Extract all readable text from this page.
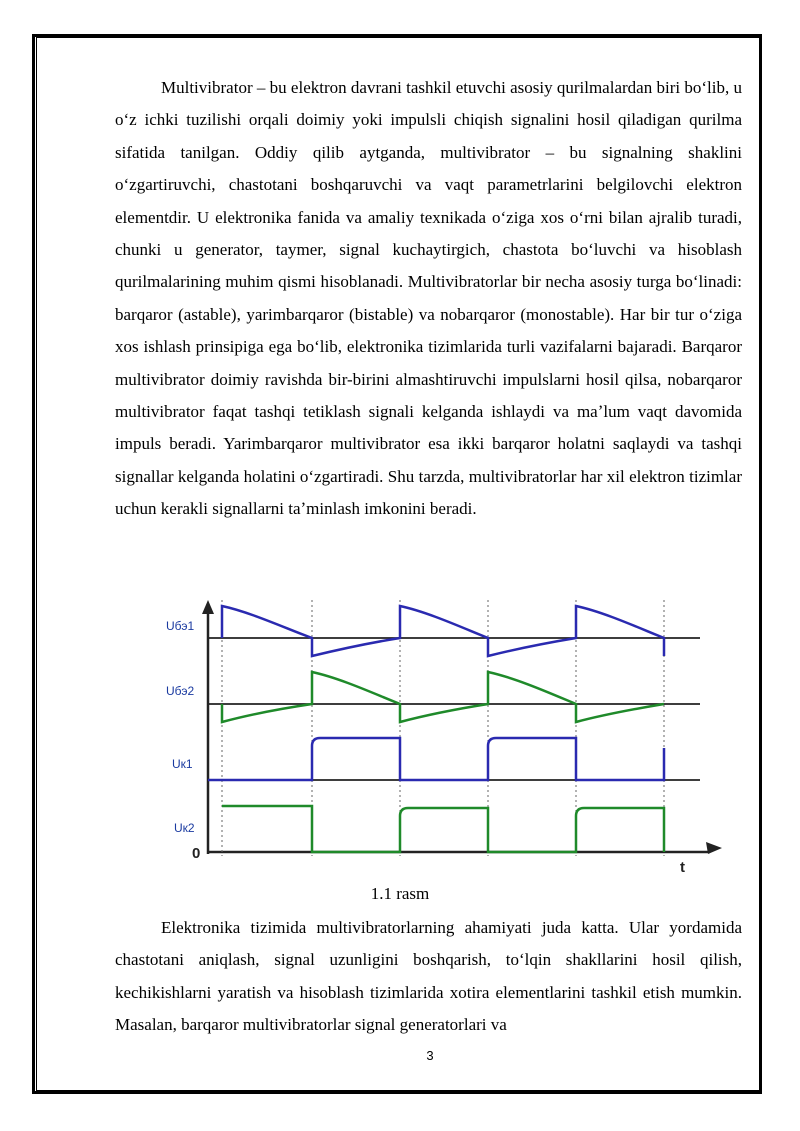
Multivibrator – bu elektron davrani tashkil etuvchi asosiy qurilmalardan biri boʻlib, u oʻz ichki tuzilishi orqali doimiy yoki impulsli chiqish signalini hosil qiladigan qurilma sifatida tanilgan. Oddiy qilib aytganda, multivibrator – bu signalning shaklini oʻzgartiruvchi, chastotani boshqaruvchi va vaqt parametrlarini belgilovchi elektron elementdir. U elektronika fanida va amaliy texnikada oʻziga xos oʻrni bilan ajralib turadi, chunki u generator, taymer, signal kuchaytirgich, chastota boʻluvchi va hisoblash qurilmalarining muhim qismi hisoblanadi. Multivibratorlar bir necha asosiy turga boʻlinadi: barqaror (astable), yarimbarqaror (bistable) va nobarqaror (monostable). Har bir tur oʻziga xos ishlash prinsipiga ega boʻlib, elektronika tizimlarida turli vazifalarni bajaradi. Barqaror multivibrator doimiy ravishda bir-birini almashtiruvchi impulslarni hosil qilsa, nobarqaror multivibrator faqat tashqi tetiklash signali kelganda ishlaydi va maʼlum vaqt davomida impuls beradi. Yarimbarqaror multivibrator esa ikki barqaror holatni saqlaydi va tashqi signallar kelganda holatini oʻzgartiradi. Shu tarzda, multivibratorlar har xil elektron tizimlar uchun kerakli signallarni taʼminlash imkonini beradi.

Uбэ1
Uбэ2
Uк1
Uк2
0
t
1.1 rasm

Elektronika tizimida multivibratorlarning ahamiyati juda katta. Ular yordamida chastotani aniqlash, signal uzunligini boshqarish, toʻlqin shakllarini hosil qilish, kechikishlarni yaratish va hisoblash tizimlarida xotira elementlarini tashkil etish mumkin. Masalan, barqaror multivibratorlar signal generatorlari va

3
